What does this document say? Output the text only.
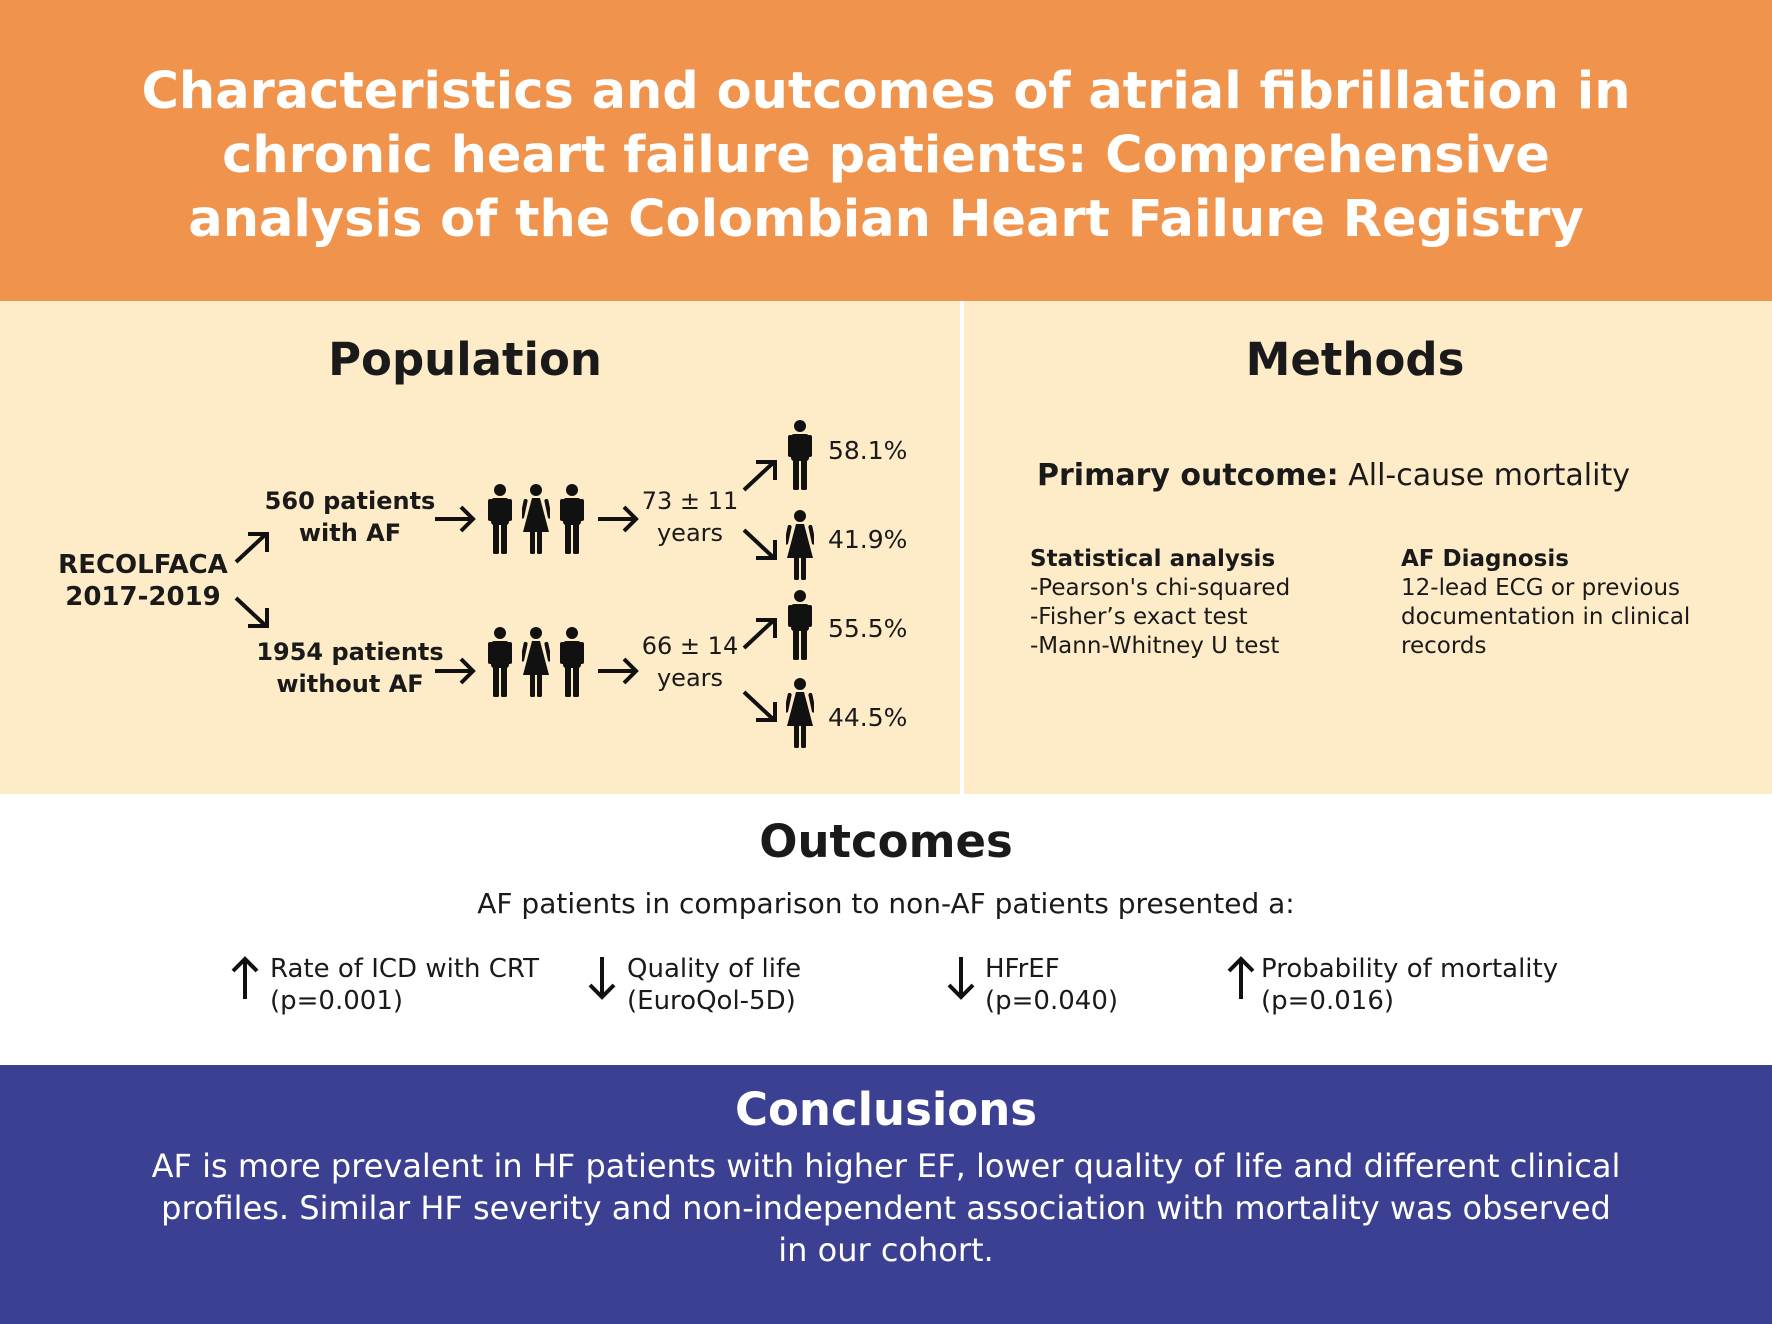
Characteristics and outcomes of atrial fibrillation in chronic heart failure patients: Comprehensive analysis of the Colombian Heart Failure Registry
Population
RECOLFACA
2017-2019
560 patients
with AF
73 ± 11
years
58.1%
41.9%
1954 patients
without AF
66 ± 14
years
55.5%
44.5%
Methods
Primary outcome: All-cause mortality
Statistical analysis
-Pearson's chi-squared
-Fisher’s exact test
-Mann-Whitney U test
AF Diagnosis
12-lead ECG or previous
documentation in clinical
records
Outcomes
AF patients in comparison to non-AF patients presented a:
Rate of ICD with CRT
(p=0.001)
Quality of life
(EuroQol-5D)
HFrEF
(p=0.040)
Probability of mortality
(p=0.016)
Conclusions
AF is more prevalent in HF patients with higher EF, lower quality of life and different clinical profiles. Similar HF severity and non-independent association with mortality was observed in our cohort.
